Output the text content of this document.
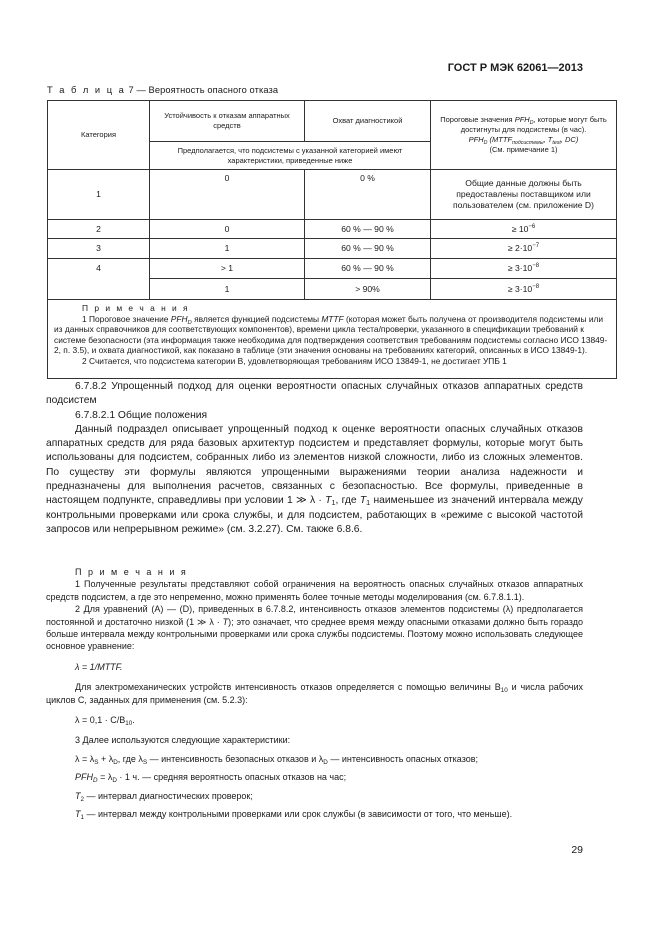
ГОСТ Р МЭК 62061—2013
Т а б л и ц а 7 — Вероятность опасного отказа
Категория	Устойчивость к отказам аппаратных средств	Охват диагностикой	Пороговые значения $PFH_D$, которые могут быть достигнуты для подсистемы (в час).
$PFH_D$ ($MTTF_{подсистемы}$, $T_{test}$, DC)
(См. примечание 1)
	Предполагается, что подсистемы с указанной категорией имеют характеристики, приведенные ниже		
1	0	0 %	Общие данные должны быть предоставлены поставщиком или пользователем (см. приложение D)
2	0	60 % — 90 %	≥ $10^{-6}$
3	1	60 % — 90 %	≥ $2\cdot 10^{-7}$
4	> 1	60 % — 90 %	≥ $3\cdot 10^{-8}$
	1	> 90%	≥ $3\cdot 10^{-8}$

П р и м е ч а н и я
1 Пороговое значение $PFH_D$ является функцией подсистемы MTTF (которая может быть получена от производителя подсистемы или из данных справочников для соответствующих компонентов), времени цикла теста/проверки, указанного в спецификации требований к системе безопасности (эта информация также необходима для подтверждения соответствия требованиям подсистемы согласно ИСО 13849-2, п. 3.5), и охвата диагностикой, как показано в таблице (эти значения основаны на требованиях категорий, описанных в ИСО 13849-1).
2 Считается, что подсистема категории B, удовлетворяющая требованиям ИСО 13849-1, не достигает УПБ 1			

6.7.8.2 Упрощенный подход для оценки вероятности опасных случайных отказов аппаратных средств подсистем

6.7.8.2.1 Общие положения

Данный подраздел описывает упрощенный подход к оценке вероятности опасных случайных отказов аппаратных средств для ряда базовых архитектур подсистем и представляет формулы, которые могут быть использованы для подсистем, собранных либо из элементов низкой сложности, либо из сложных элементов. По существу эти формулы являются упрощенными выражениями теории анализа надежности и предназначены для выполнения расчетов, связанных с безопасностью. Все формулы, приведенные в настоящем подпункте, справедливы при условии 1 ≫ $\lambda \cdot T_1$, где $T_1$ наименьшее из значений интервала между контрольными проверками или срока службы, и для подсистем, работающих в «режиме с высокой частотой запросов или непрерывном режиме» (см. 3.2.27). См. также 6.8.6.

П р и м е ч а н и я

1 Полученные результаты представляют собой ограничения на вероятность опасных случайных отказов аппаратных средств подсистем, а где это непременно, можно применять более точные методы моделирования (см. 6.7.8.1.1).

2 Для уравнений (A) — (D), приведенных в 6.7.8.2, интенсивность отказов элементов подсистемы (λ) предполагается постоянной и достаточно низкой (1 ≫ λ · T); это означает, что среднее время между опасными отказами должно быть гораздо больше интервала между контрольными проверками или срока службы подсистемы. Поэтому можно использовать следующее основное уравнение:

λ = 1/MTTF.

Для электромеханических устройств интенсивность отказов определяется с помощью величины $B_{10}$ и числа рабочих циклов C, заданных для применения (см. 5.2.3):

$\lambda = 0,1 \cdot C/B_{10}$.

3 Далее используются следующие характеристики:

$\lambda = \lambda_S + \lambda_D$, где $\lambda_S$ — интенсивность безопасных отказов и $\lambda_D$ — интенсивность опасных отказов;

$PFH_D = \lambda_D \cdot 1$ ч. — средняя вероятность опасных отказов на час;

$T_2$ — интервал диагностических проверок;

$T_1$ — интервал между контрольными проверками или срок службы (в зависимости от того, что меньше).

29
